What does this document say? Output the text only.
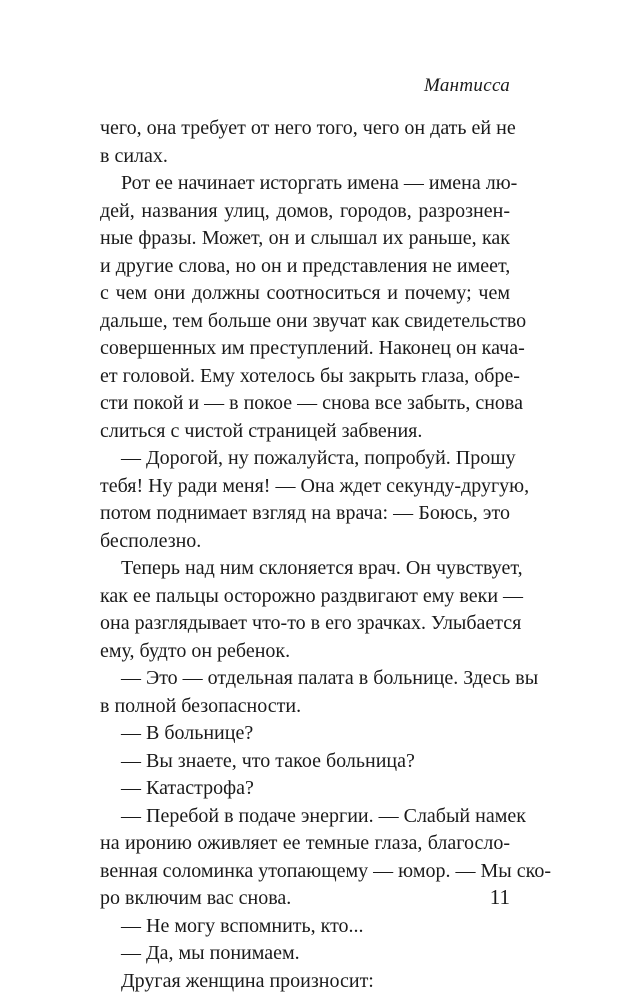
Мантисса
чего, она требует от него того, чего он дать ей не
в силах.
Рот ее начинает исторгать имена — имена лю-
дей, названия улиц, домов, городов, разрознен-
ные фразы. Может, он и слышал их раньше, как
и другие слова, но он и представления не имеет,
с чем они должны соотноситься и почему; чем
дальше, тем больше они звучат как свидетельство
совершенных им преступлений. Наконец он кача-
ет головой. Ему хотелось бы закрыть глаза, обре-
сти покой и — в покое — снова все забыть, снова
слиться с чистой страницей забвения.
— Дорогой, ну пожалуйста, попробуй. Прошу
тебя! Ну ради меня! — Она ждет секунду-другую,
потом поднимает взгляд на врача: — Боюсь, это
бесполезно.
Теперь над ним склоняется врач. Он чувствует,
как ее пальцы осторожно раздвигают ему веки —
она разглядывает что-то в его зрачках. Улыбается
ему, будто он ребенок.
— Это — отдельная палата в больнице. Здесь вы
в полной безопасности.
— В больнице?
— Вы знаете, что такое больница?
— Катастрофа?
— Перебой в подаче энергии. — Слабый намек
на иронию оживляет ее темные глаза, благосло-
венная соломинка утопающему — юмор. — Мы ско-
ро включим вас снова.
— Не могу вспомнить, кто...
— Да, мы понимаем.
Другая женщина произносит:
11
